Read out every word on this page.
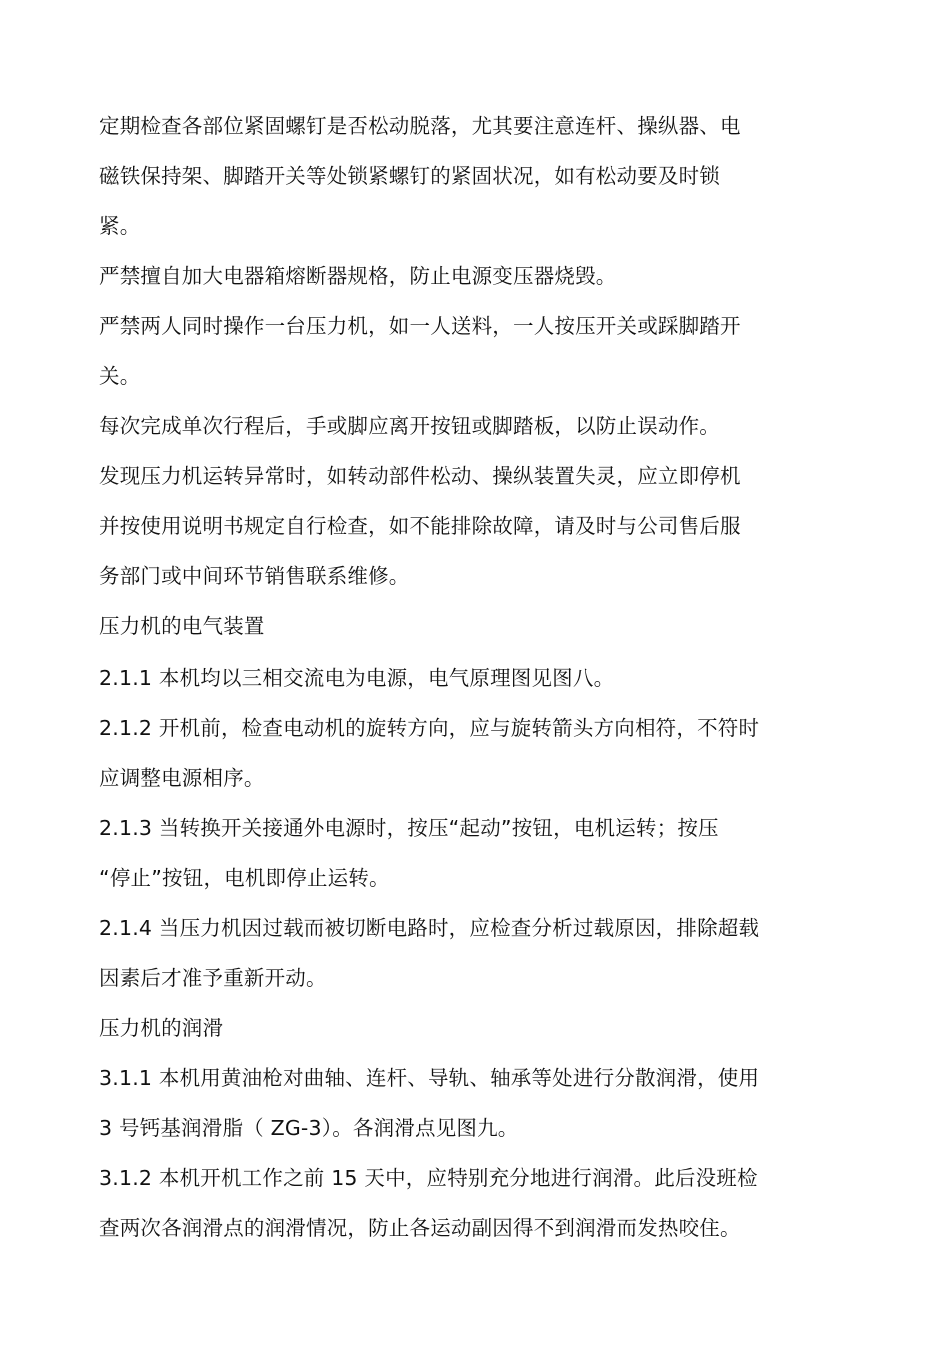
定期检查各部位紧固螺钉是否松动脱落，尤其要注意连杆、操纵器、电
磁铁保持架、脚踏开关等处锁紧螺钉的紧固状况，如有松动要及时锁
紧。
严禁擅自加大电器箱熔断器规格，防止电源变压器烧毁。
严禁两人同时操作一台压力机，如一人送料，一人按压开关或踩脚踏开
关。
每次完成单次行程后，手或脚应离开按钮或脚踏板，以防止误动作。
发现压力机运转异常时，如转动部件松动、操纵装置失灵，应立即停机
并按使用说明书规定自行检查，如不能排除故障，请及时与公司售后服
务部门或中间环节销售联系维修。
压力机的电气装置
2.1.1 本机均以三相交流电为电源，电气原理图见图八。
2.1.2 开机前，检查电动机的旋转方向，应与旋转箭头方向相符，不符时
应调整电源相序。
2.1.3 当转换开关接通外电源时，按压“起动”按钮，电机运转；按压
“停止”按钮，电机即停止运转。
2.1.4 当压力机因过载而被切断电路时，应检查分析过载原因，排除超载
因素后才准予重新开动。
压力机的润滑
3.1.1 本机用黄油枪对曲轴、连杆、导轨、轴承等处进行分散润滑，使用
3 号钙基润滑脂（ ZG-3）。各润滑点见图九。
3.1.2 本机开机工作之前 15 天中，应特别充分地进行润滑。此后没班检
查两次各润滑点的润滑情况，防止各运动副因得不到润滑而发热咬住。
